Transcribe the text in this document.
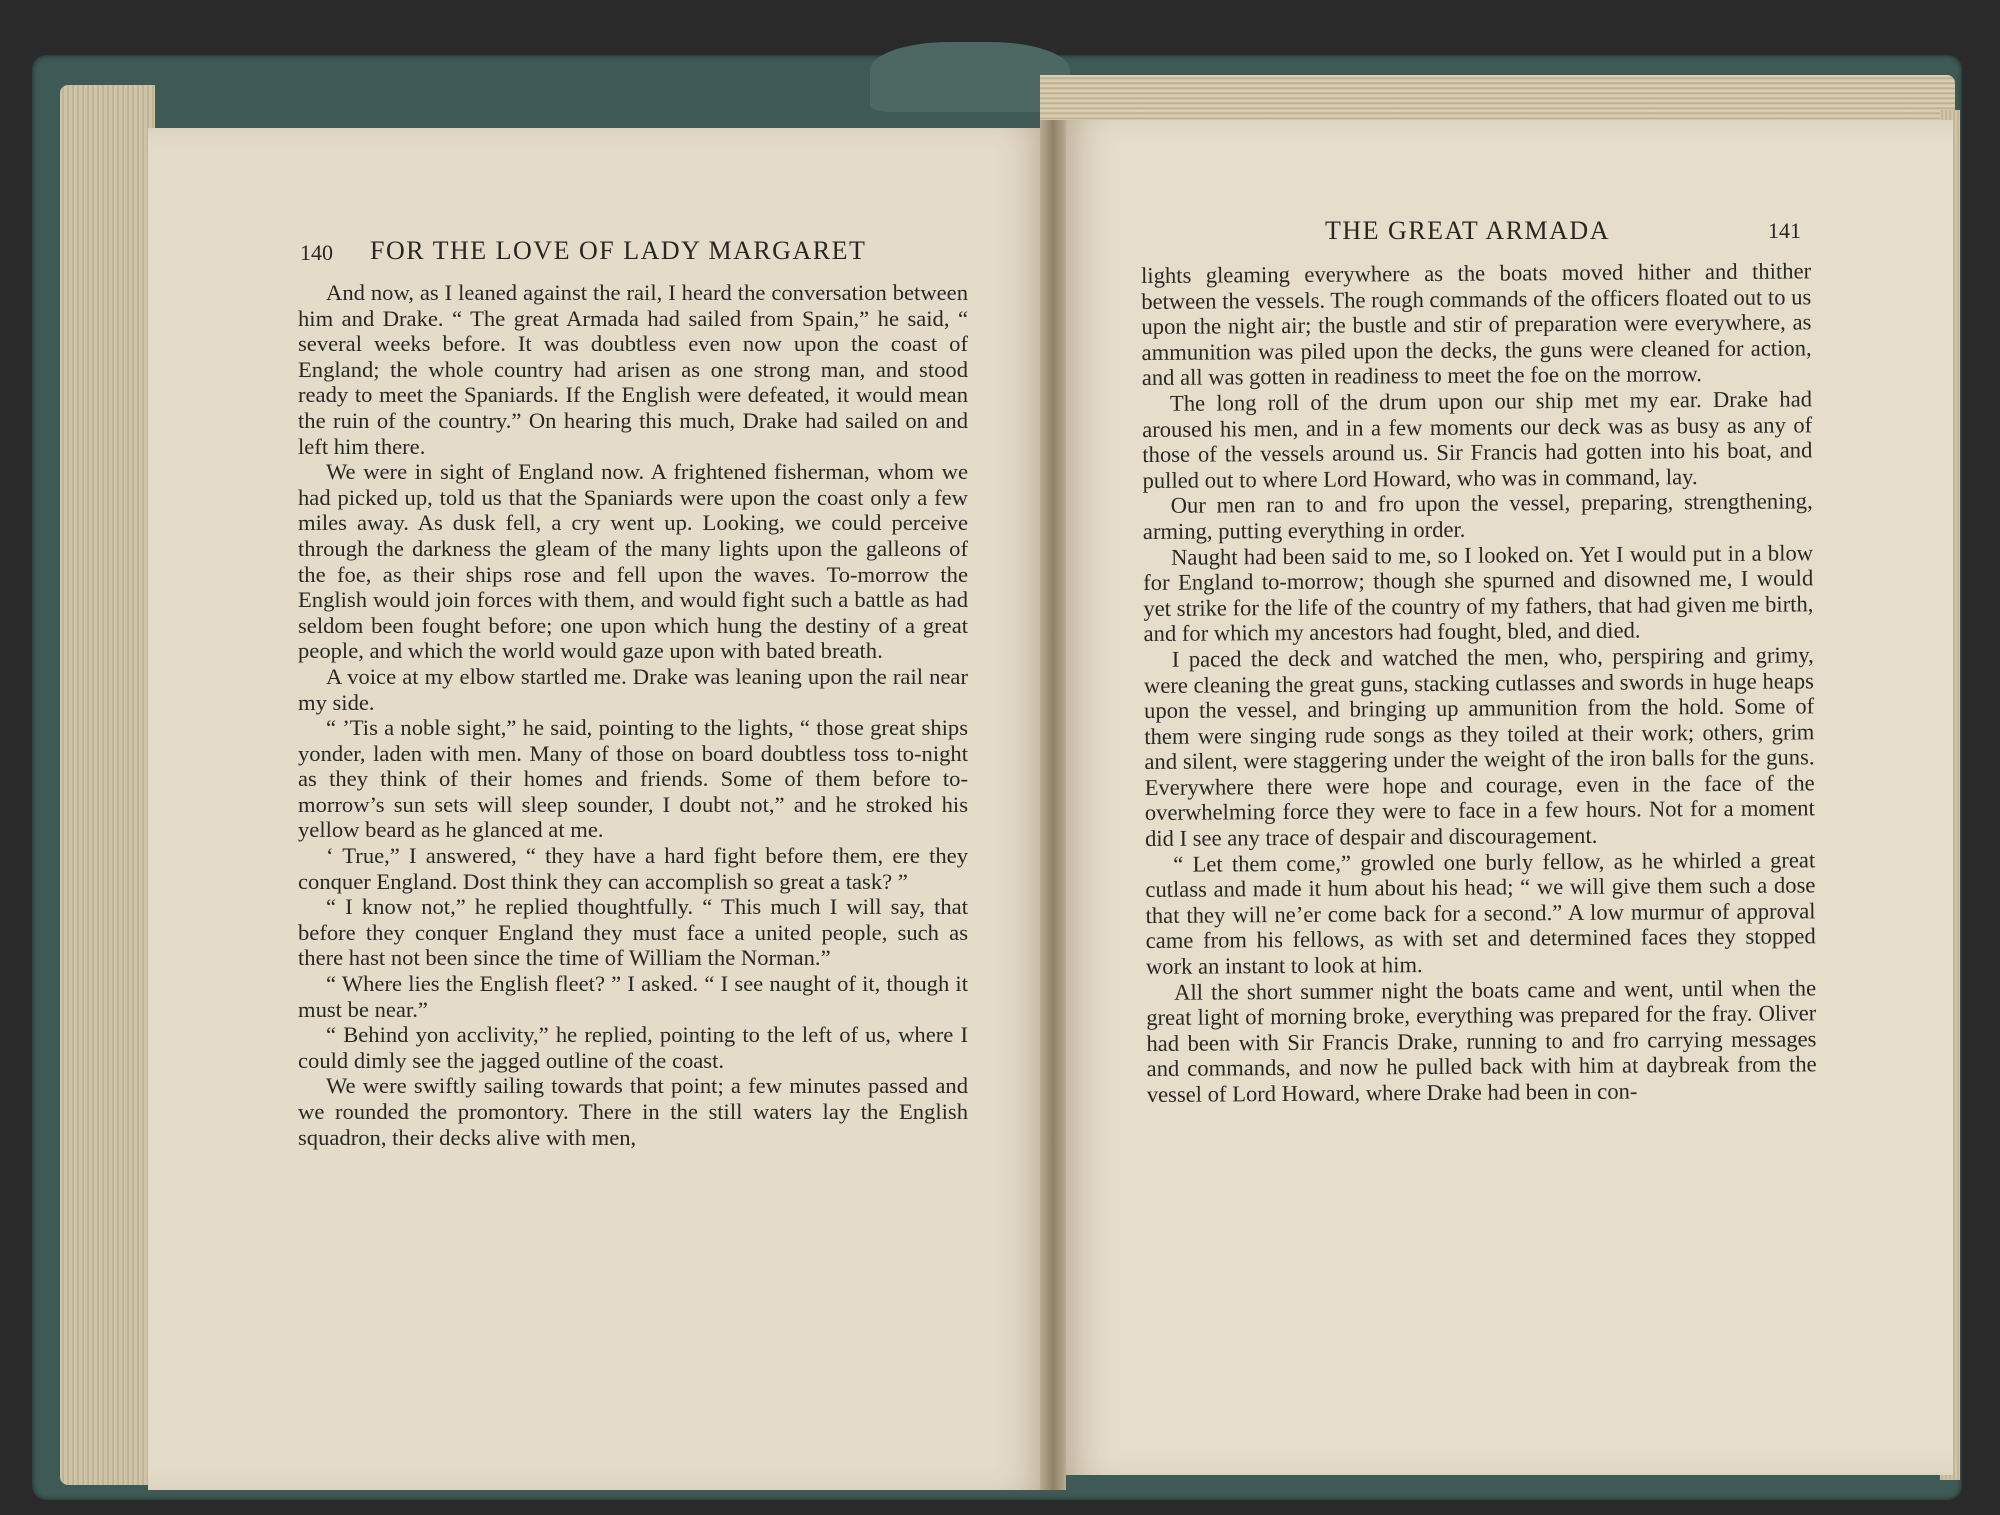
140 FOR THE LOVE OF LADY MARGARET

And now, as I leaned against the rail, I heard the conversation between him and Drake. “ The great Armada had sailed from Spain,” he said, “ several weeks before. It was doubtless even now upon the coast of England; the whole country had arisen as one strong man, and stood ready to meet the Spaniards. If the English were defeated, it would mean the ruin of the country.” On hearing this much, Drake had sailed on and left him there.

We were in sight of England now. A frightened fisherman, whom we had picked up, told us that the Spaniards were upon the coast only a few miles away. As dusk fell, a cry went up. Looking, we could perceive through the darkness the gleam of the many lights upon the galleons of the foe, as their ships rose and fell upon the waves. To-morrow the English would join forces with them, and would fight such a battle as had seldom been fought before; one upon which hung the destiny of a great people, and which the world would gaze upon with bated breath.

A voice at my elbow startled me. Drake was leaning upon the rail near my side.

“ ’Tis a noble sight,” he said, pointing to the lights, “ those great ships yonder, laden with men. Many of those on board doubtless toss to-night as they think of their homes and friends. Some of them before to-morrow’s sun sets will sleep sounder, I doubt not,” and he stroked his yellow beard as he glanced at me.

‘ True,” I answered, “ they have a hard fight before them, ere they conquer England. Dost think they can accomplish so great a task? ”

“ I know not,” he replied thoughtfully. “ This much I will say, that before they conquer England they must face a united people, such as there hast not been since the time of William the Norman.”

“ Where lies the English fleet? ” I asked. “ I see naught of it, though it must be near.”

“ Behind yon acclivity,” he replied, pointing to the left of us, where I could dimly see the jagged outline of the coast.

We were swiftly sailing towards that point; a few minutes passed and we rounded the promontory. There in the still waters lay the English squadron, their decks alive with men,

THE GREAT ARMADA	141

lights gleaming everywhere as the boats moved hither and thither between the vessels. The rough commands of the officers floated out to us upon the night air; the bustle and stir of preparation were everywhere, as ammunition was piled upon the decks, the guns were cleaned for action, and all was gotten in readiness to meet the foe on the morrow.

The long roll of the drum upon our ship met my ear. Drake had aroused his men, and in a few moments our deck was as busy as any of those of the vessels around us. Sir Francis had gotten into his boat, and pulled out to where Lord Howard, who was in command, lay.

Our men ran to and fro upon the vessel, preparing, strengthening, arming, putting everything in order.

Naught had been said to me, so I looked on. Yet I would put in a blow for England to-morrow; though she spurned and disowned me, I would yet strike for the life of the country of my fathers, that had given me birth, and for which my ancestors had fought, bled, and died.

I paced the deck and watched the men, who, perspiring and grimy, were cleaning the great guns, stacking cutlasses and swords in huge heaps upon the vessel, and bringing up ammunition from the hold. Some of them were singing rude songs as they toiled at their work; others, grim and silent, were staggering under the weight of the iron balls for the guns. Everywhere there were hope and courage, even in the face of the overwhelming force they were to face in a few hours. Not for a moment did I see any trace of despair and discouragement.

“ Let them come,” growled one burly fellow, as he whirled a great cutlass and made it hum about his head; “ we will give them such a dose that they will ne’er come back for a second.” A low murmur of approval came from his fellows, as with set and determined faces they stopped work an instant to look at him.

All the short summer night the boats came and went, until when the great light of morning broke, everything was prepared for the fray. Oliver had been with Sir Francis Drake, running to and fro carrying messages and commands, and now he pulled back with him at daybreak from the vessel of Lord Howard, where Drake had been in con-
